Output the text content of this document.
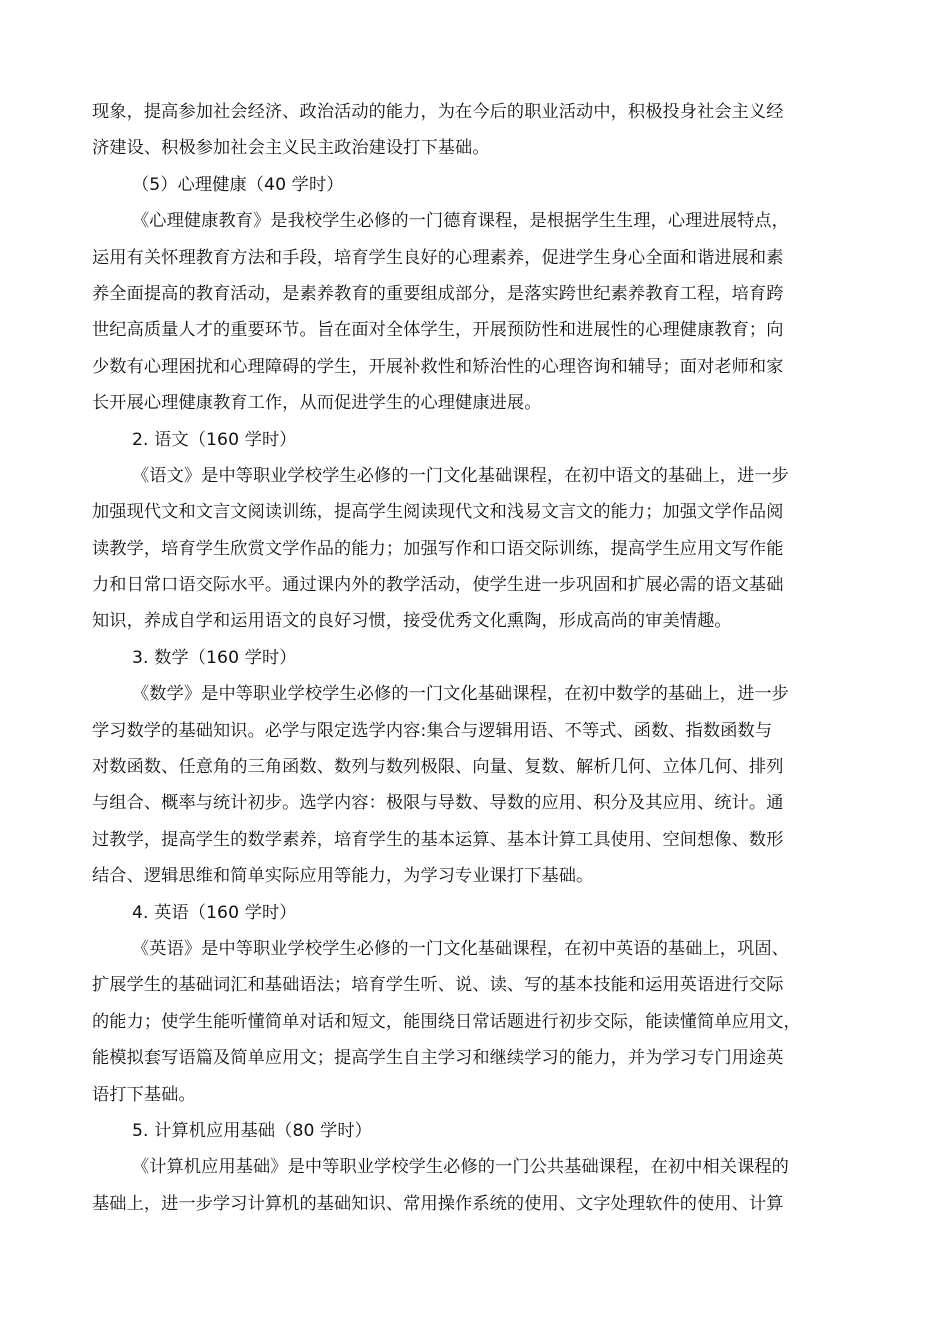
现象，提高参加社会经济、政治活动的能力，为在今后的职业活动中，积极投身社会主义经
济建设、积极参加社会主义民主政治建设打下基础。
（5）心理健康（40 学时）
《心理健康教育》是我校学生必修的一门德育课程，是根据学生生理，心理进展特点，
运用有关怀理教育方法和手段，培育学生良好的心理素养，促进学生身心全面和谐进展和素
养全面提高的教育活动，是素养教育的重要组成部分，是落实跨世纪素养教育工程，培育跨
世纪高质量人才的重要环节。旨在面对全体学生，开展预防性和进展性的心理健康教育；向
少数有心理困扰和心理障碍的学生，开展补救性和矫治性的心理咨询和辅导；面对老师和家
长开展心理健康教育工作，从而促进学生的心理健康进展。
2. 语文（160 学时）
《语文》是中等职业学校学生必修的一门文化基础课程，在初中语文的基础上，进一步
加强现代文和文言文阅读训练，提高学生阅读现代文和浅易文言文的能力；加强文学作品阅
读教学，培育学生欣赏文学作品的能力；加强写作和口语交际训练，提高学生应用文写作能
力和日常口语交际水平。通过课内外的教学活动，使学生进一步巩固和扩展必需的语文基础
知识，养成自学和运用语文的良好习惯，接受优秀文化熏陶，形成高尚的审美情趣。
3. 数学（160 学时）
《数学》是中等职业学校学生必修的一门文化基础课程，在初中数学的基础上，进一步
学习数学的基础知识。必学与限定选学内容:集合与逻辑用语、不等式、函数、指数函数与
对数函数、任意角的三角函数、数列与数列极限、向量、复数、解析几何、立体几何、排列
与组合、概率与统计初步。选学内容：极限与导数、导数的应用、积分及其应用、统计。通
过教学，提高学生的数学素养，培育学生的基本运算、基本计算工具使用、空间想像、数形
结合、逻辑思维和简单实际应用等能力，为学习专业课打下基础。
4. 英语（160 学时）
《英语》是中等职业学校学生必修的一门文化基础课程，在初中英语的基础上，巩固、
扩展学生的基础词汇和基础语法；培育学生听、说、读、写的基本技能和运用英语进行交际
的能力；使学生能听懂简单对话和短文，能围绕日常话题进行初步交际，能读懂简单应用文，
能模拟套写语篇及简单应用文；提高学生自主学习和继续学习的能力，并为学习专门用途英
语打下基础。
5. 计算机应用基础（80 学时）
《计算机应用基础》是中等职业学校学生必修的一门公共基础课程，在初中相关课程的
基础上，进一步学习计算机的基础知识、常用操作系统的使用、文字处理软件的使用、计算
